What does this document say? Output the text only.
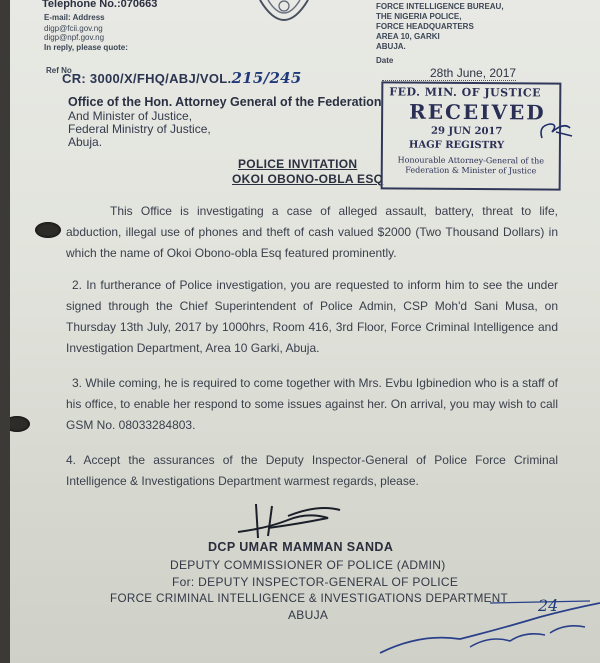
Telephone No.:070663
E-mail: Address
digp@fcii.gov.ng
digp@npf.gov.ng
In reply, please quote:
FORCE INTELLIGENCE BUREAU,
THE NIGERIA POLICE,
FORCE HEADQUARTERS
AREA 10, GARKI
ABUJA.
Date
28th June, 2017
Ref No
CR: 3000/X/FHQ/ABJ/VOL.215/245
Office of the Hon. Attorney General of the Federation
And Minister of Justice,
Federal Ministry of Justice,
Abuja.
FED. MIN. OF JUSTICE
RECEIVED
29 JUN 2017
HAGF REGISTRY
Honourable Attorney-General of the Federation & Minister of Justice
POLICE INVITATION
OKOI OBONO-OBLA ESQ
This Office is investigating a case of alleged assault, battery, threat to life, abduction, illegal use of phones and theft of cash valued $2000 (Two Thousand Dollars) in which the name of Okoi Obono-obla Esq featured prominently.
2. In furtherance of Police investigation, you are requested to inform him to see the under signed through the Chief Superintendent of Police Admin, CSP Moh'd Sani Musa, on Thursday 13th July, 2017 by 1000hrs, Room 416, 3rd Floor, Force Criminal Intelligence and Investigation Department, Area 10 Garki, Abuja.
3. While coming, he is required to come together with Mrs. Evbu Igbinedion who is a staff of his office, to enable her respond to some issues against her. On arrival, you may wish to call GSM No. 08033284803.
4. Accept the assurances of the Deputy Inspector-General of Police Force Criminal Intelligence & Investigations Department warmest regards, please.
DCP UMAR MAMMAN SANDA
DEPUTY COMMISSIONER OF POLICE (ADMIN)
For: DEPUTY INSPECTOR-GENERAL OF POLICE
FORCE CRIMINAL INTELLIGENCE & INVESTIGATIONS DEPARTMENT
ABUJA	24
